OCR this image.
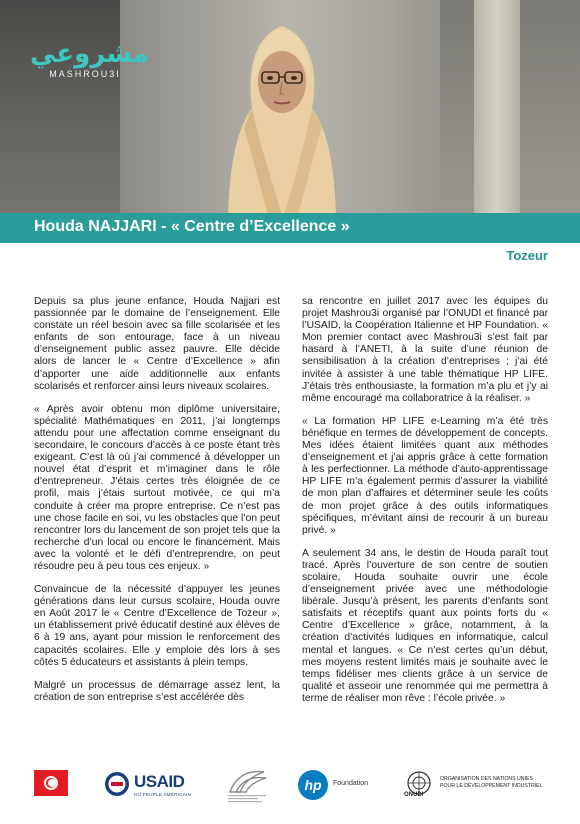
مشروعي
MASHROU3I
Houda NAJJARI - « Centre d’Excellence »
Tozeur

Depuis sa plus jeune enfance, Houda Najjari est passionnée par le domaine de l’enseignement. Elle constate un réel besoin avec sa fille scolarisée et les enfants de son entourage, face à un niveau d’enseignement public assez pauvre. Elle décide alors de lancer le « Centre d’Excellence » afin d’apporter une aide additionnelle aux enfants scolarisés et renforcer ainsi leurs niveaux scolaires.

« Après avoir obtenu mon diplôme universitaire, spécialité Mathématiques en 2011, j’ai longtemps attendu pour une affectation comme enseignant du secondaire, le concours d’accès à ce poste étant très exigeant. C’est là où j’ai commencé à développer un nouvel état d’esprit et m’imaginer dans le rôle d’entrepreneur. J’étais certes très éloignée de ce profil, mais j’étais surtout motivée, ce qui m’a conduite à créer ma propre entreprise. Ce n’est pas une chose facile en soi, vu les obstacles que l’on peut rencontrer lors du lancement de son projet tels que la recherche d’un local ou encore le financement. Mais avec la volonté et le défi d’entreprendre, on peut résoudre peu à peu tous ces enjeux. »

Convaincue de la nécessité d’appuyer les jeunes générations dans leur cursus scolaire, Houda ouvre en Août 2017 le « Centre d’Excellence de Tozeur », un établissement privé éducatif destiné aux élèves de 6 à 19 ans, ayant pour mission le renforcement des capacités scolaires. Elle y emploie dès lors à ses côtés 5 éducateurs et assistants à plein temps.

Malgré un processus de démarrage assez lent, la création de son entreprise s’est accélérée dès

sa rencontre en juillet 2017 avec les équipes du projet Mashrou3i organisé par l’ONUDI et financé par l’USAID, la Coopération Italienne et HP Foundation. « Mon premier contact avec Mashrou3i s’est fait par hasard à l’ANETI, à la suite d’une réunion de sensibilisation à la création d’entreprises ; j’ai été invitée à assister à une table thématique HP LIFE. J’étais très enthousiaste, la formation m’a plu et j’y ai même encouragé ma collaboratrice à la réaliser. »

« La formation HP LIFE e-Learning m’a été très bénéfique en termes de développement de concepts. Mes idées étaient limitées quant aux méthodes d’enseignement et j’ai appris grâce à cette formation à les perfectionner. La méthode d’auto-apprentissage HP LIFE m’a également permis d’assurer la viabilité de mon plan d’affaires et déterminer seule les coûts de mon projet grâce à des outils informatiques spécifiques, m’évitant ainsi de recourir à un bureau privé. »

A seulement 34 ans, le destin de Houda paraît tout tracé. Après l’ouverture de son centre de soutien scolaire, Houda souhaite ouvrir une école d’enseignement privée avec une méthodologie libérale. Jusqu’à présent, les parents d’enfants sont satisfaits et réceptifs quant aux points forts du « Centre d’Excellence » grâce, notamment, à la création d’activités ludiques en informatique, calcul mental et langues. « Ce n’est certes qu’un début, mes moyens restent limités mais je souhaite avec le temps fidéliser mes clients grâce à un service de qualité et asseoir une renommée qui me permettra à terme de réaliser mon rêve : l’école privée. »

USAID
DU PEUPLE AMÉRICAIN
hp	Foundation
ONUDI
ORGANISATION DES NATIONS UNIES
POUR LE DÉVELOPPEMENT INDUSTRIEL
